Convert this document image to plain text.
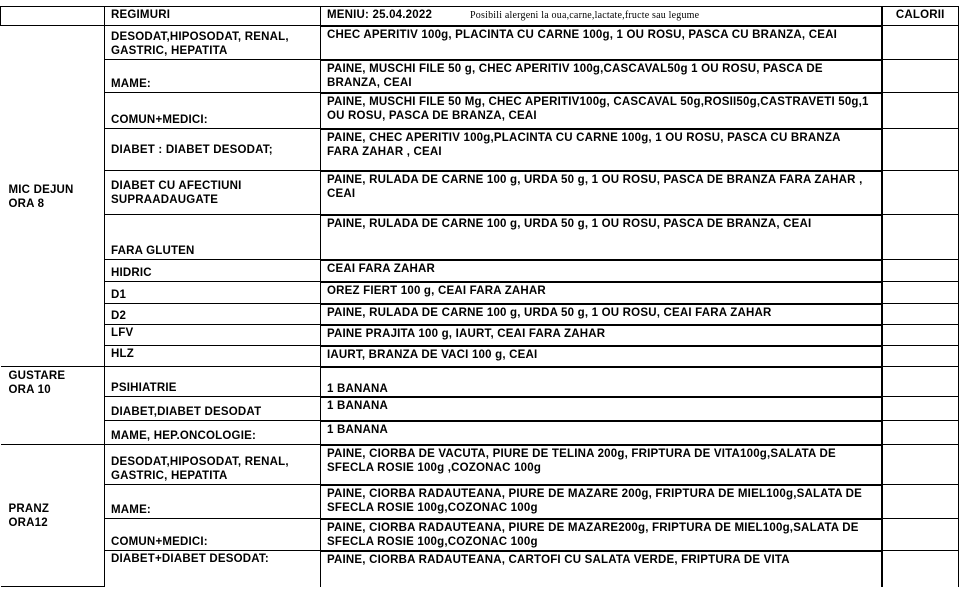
	REGIMURI	MENIU: 25.04.2022 Posibili alergeni la oua,carne,lactate,fructe sau legume	CALORII
MIC DEJUN
ORA 8	DESODAT,HIPOSODAT, RENAL, GASTRIC, HEPATITA	CHEC APERITIV 100g, PLACINTA CU CARNE 100g, 1 OU ROSU, PASCA CU BRANZA, CEAI	
	MAME:	PAINE, MUSCHI FILE 50 g, CHEC APERITIV 100g,CASCAVAL50g 1 OU ROSU, PASCA DE BRANZA, CEAI	
	COMUN+MEDICI:	PAINE, MUSCHI FILE 50 Mg, CHEC APERITIV100g, CASCAVAL 50g,ROSII50g,CASTRAVETI 50g,1 OU ROSU, PASCA DE BRANZA, CEAI	
	DIABET : DIABET DESODAT;	PAINE, CHEC APERITIV 100g,PLACINTA CU CARNE 100g, 1 OU ROSU, PASCA CU BRANZA FARA ZAHAR , CEAI	
	DIABET CU AFECTIUNI SUPRAADAUGATE	PAINE, RULADA DE CARNE 100 g, URDA 50 g, 1 OU ROSU, PASCA DE BRANZA FARA ZAHAR , CEAI	
	FARA GLUTEN	PAINE, RULADA DE CARNE 100 g, URDA 50 g, 1 OU ROSU, PASCA DE BRANZA, CEAI	
	HIDRIC	CEAI FARA ZAHAR	
	D1	OREZ FIERT 100 g, CEAI FARA ZAHAR	
	D2	PAINE, RULADA DE CARNE 100 g, URDA 50 g, 1 OU ROSU, CEAI FARA ZAHAR	
	LFV	PAINE PRAJITA 100 g, IAURT, CEAI FARA ZAHAR	
	HLZ	IAURT, BRANZA DE VACI 100 g, CEAI	
GUSTARE
ORA 10	PSIHIATRIE	1 BANANA	
	DIABET,DIABET DESODAT	1 BANANA	
	MAME, HEP.ONCOLOGIE:	1 BANANA	
PRANZ
ORA12	DESODAT,HIPOSODAT, RENAL, GASTRIC, HEPATITA	PAINE, CIORBA DE VACUTA, PIURE DE TELINA 200g, FRIPTURA DE VITA100g,SALATA DE SFECLA ROSIE 100g ,COZONAC 100g	
	MAME:	PAINE, CIORBA RADAUTEANA, PIURE DE MAZARE 200g, FRIPTURA DE MIEL100g,SALATA DE SFECLA ROSIE 100g,COZONAC 100g	
	COMUN+MEDICI:	PAINE, CIORBA RADAUTEANA, PIURE DE MAZARE200g, FRIPTURA DE MIEL100g,SALATA DE SFECLA ROSIE 100g,COZONAC 100g	
	DIABET+DIABET DESODAT:	PAINE, CIORBA RADAUTEANA, CARTOFI CU SALATA VERDE, FRIPTURA DE VITA	
